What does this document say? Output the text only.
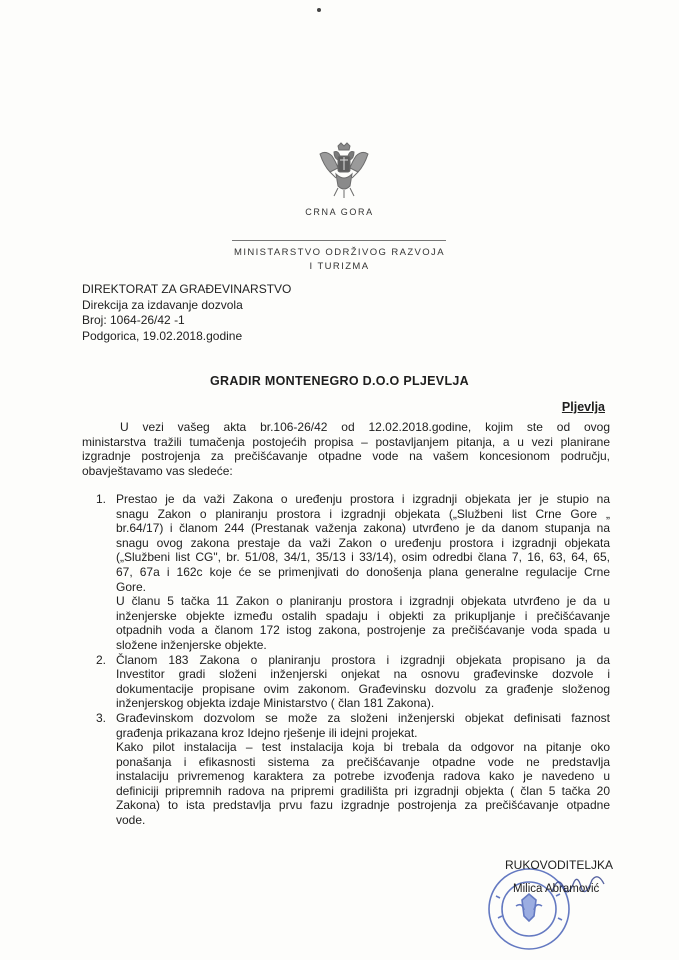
CRNA GORA
MINISTARSTVO ODRŽIVOG RAZVOJA
I TURIZMA
DIREKTORAT ZA GRAĐEVINARSTVO
Direkcija za izdavanje dozvola
Broj: 1064-26/42 -1
Podgorica, 19.02.2018.godine
GRADIR MONTENEGRO D.O.O PLJEVLJA
Pljevlja
U vezi vašeg akta br.106-26/42 od 12.02.2018.godine, kojim ste od ovog
ministarstva tražili tumačenja postojećih propisa – postavljanjem pitanja, a u vezi planirane
izgradnje postrojenja za prečišćavanje otpadne vode na vašem koncesionom području,
obavještavamo vas sledeće:
1. Prestao je da važi Zakona o uređenju prostora i izgradnji objekata jer je stupio na
snagu Zakon o planiranju prostora i izgradnji objekata („Službeni list Crne Gore „
br.64/17) i članom 244 (Prestanak važenja zakona) utvrđeno je da danom stupanja na
snagu ovog zakona prestaje da važi Zakon o uređenju prostora i izgradnji objekata
(„Službeni list CG", br. 51/08, 34/1, 35/13 i 33/14), osim odredbi člana 7, 16, 63, 64, 65,
67, 67a i 162c koje će se primenjivati do donošenja plana generalne regulacije Crne
Gore.
U članu 5 tačka 11 Zakon o planiranju prostora i izgradnji objekata utvrđeno je da u
inženjerske objekte između ostalih spadaju i objekti za prikupljanje i prečišćavanje
otpadnih voda a članom 172 istog zakona, postrojenje za prečišćavanje voda spada u
složene inženjerske objekte.
2. Članom 183 Zakona o planiranju prostora i izgradnji objekata propisano ja da
Investitor gradi složeni inženjerski onjekat na osnovu građevinske dozvole i
dokumentacije propisane ovim zakonom. Građevinsku dozvolu za građenje složenog
inženjerskog objekta izdaje Ministarstvo ( član 181 Zakona).
3. Građevinskom dozvolom se može za složeni inženjerski objekat definisati faznost
građenja prikazana kroz Idejno rješenje ili idejni projekat.
Kako pilot instalacija – test instalacija koja bi trebala da odgovor na pitanje oko
ponašanja i efikasnosti sistema za prečišćavanje otpadne vode ne predstavlja
instalaciju privremenog karaktera za potrebe izvođenja radova kako je navedeno u
definiciji pripremnih radova na pripremi gradilišta pri izgradnji objekta ( član 5 tačka 20
Zakona) to ista predstavlja prvu fazu izgradnje postrojenja za prečišćavanje otpadne
vode.
RUKOVODITELJKA
Milica Abramović
